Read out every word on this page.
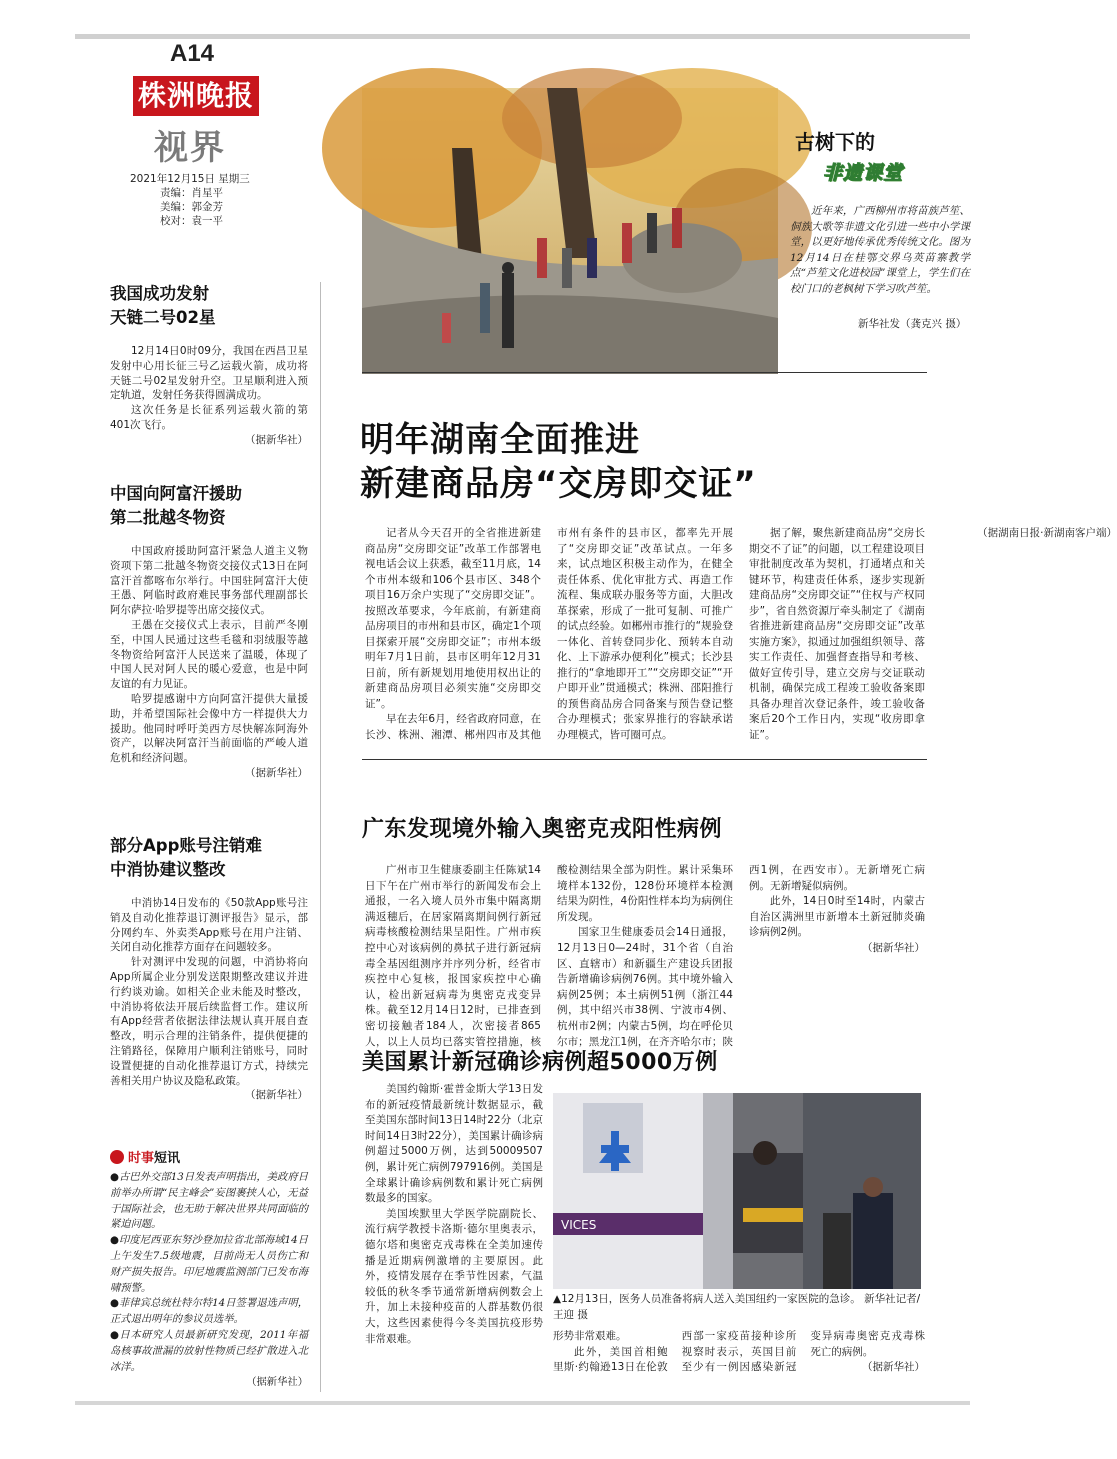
A14
株洲晚报
视界
2021年12月15日 星期三
责编：肖星平
美编：郭金芳
校对：袁一平
我国成功发射
天链二号02星

12月14日0时09分，我国在西昌卫星发射中心用长征三号乙运载火箭，成功将天链二号02星发射升空。卫星顺利进入预定轨道，发射任务获得圆满成功。

这次任务是长征系列运载火箭的第401次飞行。

（据新华社）
中国向阿富汗援助
第二批越冬物资

中国政府援助阿富汗紧急人道主义物资项下第二批越冬物资交接仪式13日在阿富汗首都喀布尔举行。中国驻阿富汗大使王愚、阿临时政府难民事务部代理副部长阿尔萨拉·哈罗提等出席交接仪式。

王愚在交接仪式上表示，目前严冬刚至，中国人民通过这些毛毯和羽绒服等越冬物资给阿富汗人民送来了温暖，体现了中国人民对阿人民的暖心爱意，也是中阿友谊的有力见证。

哈罗提感谢中方向阿富汗提供大量援助，并希望国际社会像中方一样提供大力援助。他同时呼吁美西方尽快解冻阿海外资产，以解决阿富汗当前面临的严峻人道危机和经济问题。

（据新华社）
部分App账号注销难
中消协建议整改

中消协14日发布的《50款App账号注销及自动化推荐退订测评报告》显示，部分网约车、外卖类App账号在用户注销、关闭自动化推荐方面存在问题较多。

针对测评中发现的问题，中消协将向App所属企业分别发送限期整改建议并进行约谈劝谕。如相关企业未能及时整改，中消协将依法开展后续监督工作。建议所有App经营者依据法律法规认真开展自查整改，明示合理的注销条件，提供便捷的注销路径，保障用户顺利注销账号，同时设置便捷的自动化推荐退订方式，持续完善相关用户协议及隐私政策。

（据新华社）
时事短讯

●古巴外交部13日发表声明指出，美政府日前举办所谓“民主峰会”妄图裹挟人心，无益于国际社会，也无助于解决世界共同面临的紧迫问题。

●印度尼西亚东努沙登加拉省北部海域14日上午发生7.5级地震，目前尚无人员伤亡和财产损失报告。印尼地震监测部门已发布海啸预警。

●菲律宾总统杜特尔特14日签署退选声明，正式退出明年的参议员选举。

●日本研究人员最新研究发现，2011年福岛核事故泄漏的放射性物质已经扩散进入北冰洋。

（据新华社）
古树下的
非遗课堂
近年来，广西柳州市将苗族芦笙、侗族大歌等非遗文化引进一些中小学课堂，以更好地传承优秀传统文化。图为12月14日在桂鄂交界乌英苗寨教学点“芦笙文化进校园”课堂上，学生们在校门口的老枫树下学习吹芦笙。
新华社发（龚克兴 摄）
明年湖南全面推进
新建商品房“交房即交证”

记者从今天召开的全省推进新建商品房“交房即交证”改革工作部署电视电话会议上获悉，截至11月底，14个市州本级和106个县市区、348个项目16万余户实现了“交房即交证”。按照改革要求，今年底前，有新建商品房项目的市州和县市区，确定1个项目探索开展“交房即交证”；市州本级明年7月1日前，县市区明年12月31日前，所有新规划用地使用权出让的新建商品房项目必须实施“交房即交证”。

早在去年6月，经省政府同意，在长沙、株洲、湘潭、郴州四市及其他市州有条件的县市区，都率先开展了“交房即交证”改革试点。一年多来，试点地区积极主动作为，在健全责任体系、优化审批方式、再造工作流程、集成联办服务等方面，大胆改革探索，形成了一批可复制、可推广的试点经验。如郴州市推行的“规验登一体化、首转登同步化、预转本自动化、上下游承办便利化”模式；长沙县推行的“拿地即开工”“交房即交证”“开户即开业”贯通模式；株洲、邵阳推行的预售商品房合同备案与预告登记整合办理模式；张家界推行的容缺承诺办理模式，皆可圈可点。

据了解，聚焦新建商品房“交房长期交不了证”的问题，以工程建设项目审批制度改革为契机，打通堵点和关键环节，构建责任体系，逐步实现新建商品房“交房即交证”“住权与产权同步”，省自然资源厅牵头制定了《湖南省推进新建商品房“交房即交证”改革实施方案》，拟通过加强组织领导、落实工作责任、加强督查指导和考核、做好宣传引导，建立交房与交证联动机制，确保完成工程竣工验收备案即具备办理首次登记条件，竣工验收备案后20个工作日内，实现“收房即拿证”。

（据湖南日报·新湖南客户端）

广东发现境外输入奥密克戎阳性病例

广州市卫生健康委副主任陈斌14日下午在广州市举行的新闻发布会上通报，一名入境人员外市集中隔离期满返穗后，在居家隔离期间例行新冠病毒核酸检测结果呈阳性。广州市疾控中心对该病例的鼻拭子进行新冠病毒全基因组测序并序列分析，经省市疾控中心复核，报国家疾控中心确认，检出新冠病毒为奥密克戎变异株。截至12月14日12时，已排查到密切接触者184人，次密接者865人，以上人员均已落实管控措施，核酸检测结果全部为阴性。累计采集环境样本132份，128份环境样本检测结果为阴性，4份阳性样本均为病例住所发现。

国家卫生健康委员会14日通报，12月13日0—24时，31个省（自治区、直辖市）和新疆生产建设兵团报告新增确诊病例76例。其中境外输入病例25例；本土病例51例（浙江44例，其中绍兴市38例、宁波市4例、杭州市2例；内蒙古5例，均在呼伦贝尔市；黑龙江1例，在齐齐哈尔市；陕西1例，在西安市）。无新增死亡病例。无新增疑似病例。

此外，14日0时至14时，内蒙古自治区满洲里市新增本土新冠肺炎确诊病例2例。

（据新华社）

美国累计新冠确诊病例超5000万例

美国约翰斯·霍普金斯大学13日发布的新冠疫情最新统计数据显示，截至美国东部时间13日14时22分（北京时间14日3时22分），美国累计确诊病例超过5000万例，达到50009507例，累计死亡病例797916例。美国是全球累计确诊病例数和累计死亡病例数最多的国家。

美国埃默里大学医学院副院长、流行病学教授卡洛斯·德尔里奥表示，德尔塔和奥密克戎毒株在全美加速传播是近期病例激增的主要原因。此外，疫情发展存在季节性因素，气温较低的秋冬季节通常新增病例数会上升，加上未接种疫苗的人群基数仍很大，这些因素使得今冬美国抗疫形势非常艰难。

VICES
▲12月13日，医务人员准备将病人送入美国纽约一家医院的急诊。 新华社记者/王迎 摄

形势非常艰难。

此外，美国首相鲍里斯·约翰逊13日在伦敦西部一家疫苗接种诊所视察时表示，英国目前至少有一例因感染新冠变异病毒奥密克戎毒株死亡的病例。

（据新华社）
